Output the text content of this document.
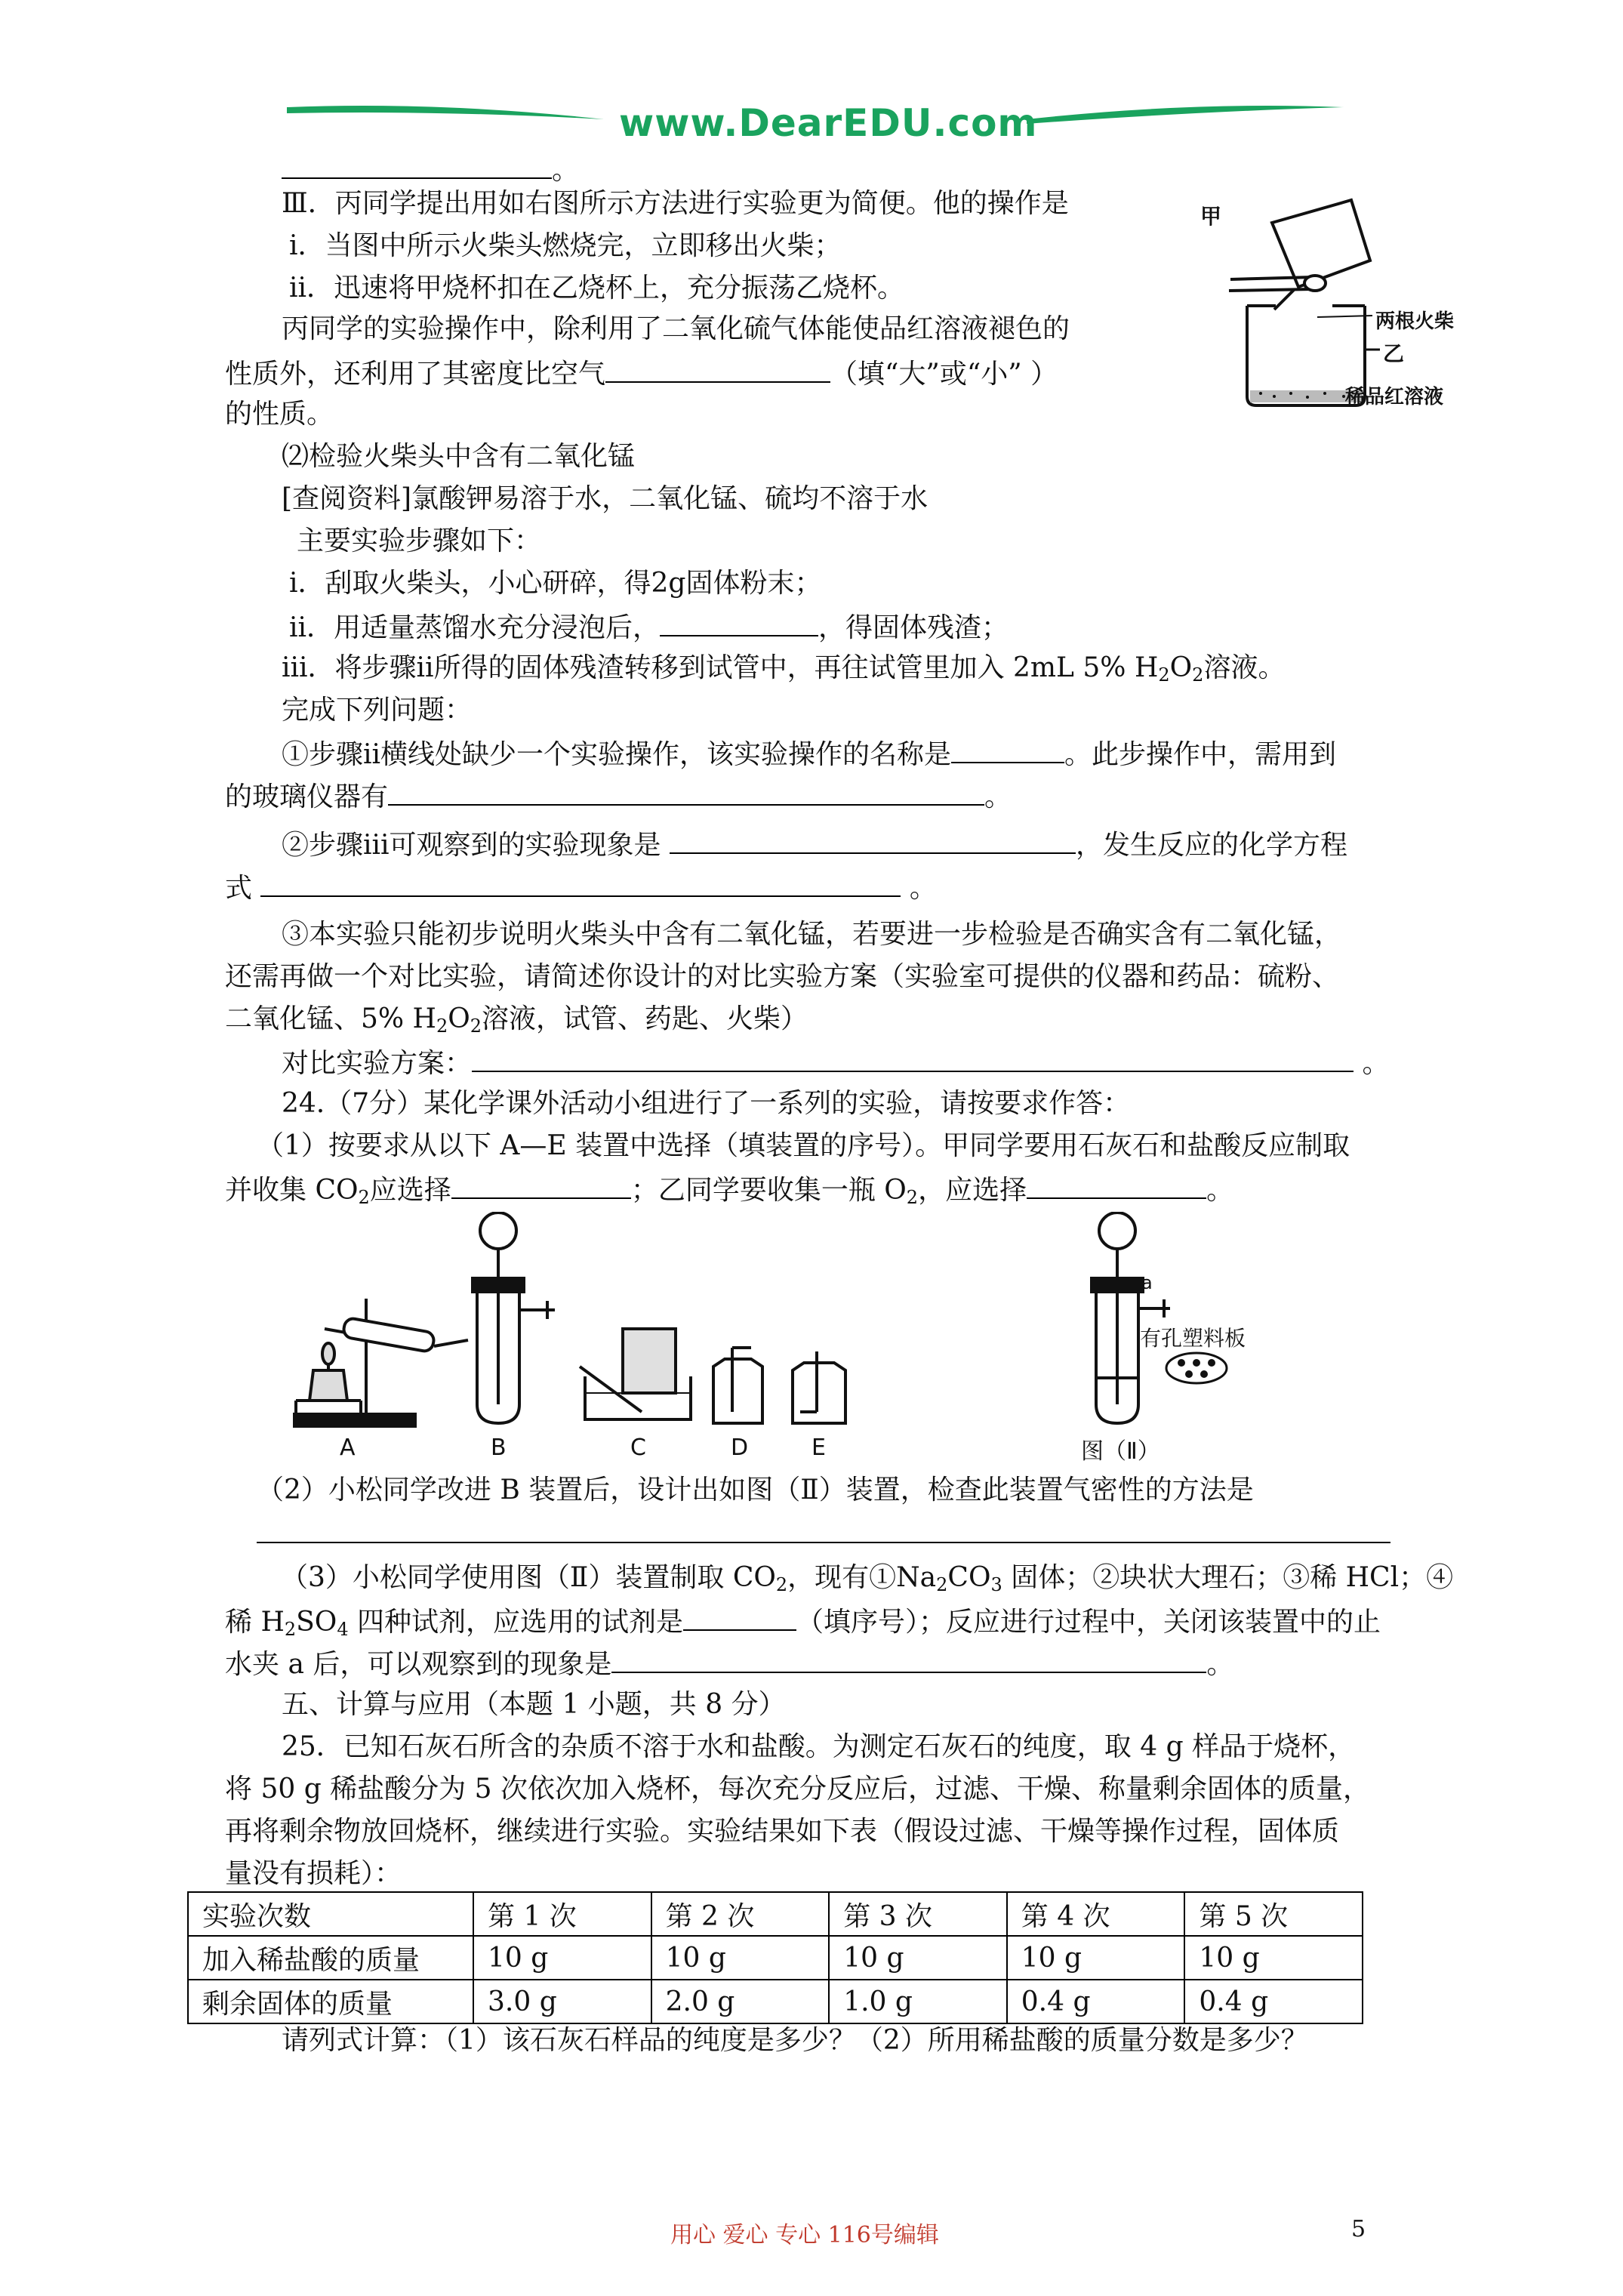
www.DearEDU.com
。
Ⅲ．丙同学提出用如右图所示方法进行实验更为简便。他的操作是
ⅰ．当图中所示火柴头燃烧完，立即移出火柴；
ⅱ．迅速将甲烧杯扣在乙烧杯上，充分振荡乙烧杯。
丙同学的实验操作中，除利用了二氧化硫气体能使品红溶液褪色的
性质外，还利用了其密度比空气	（填“大”或“小” ）
的性质。
⑵检验火柴头中含有二氧化锰
[查阅资料]氯酸钾易溶于水，二氧化锰、硫均不溶于水
主要实验步骤如下：
ⅰ．刮取火柴头，小心研碎，得2g固体粉末；
ⅱ．用适量蒸馏水充分浸泡后，	，得固体残渣；
ⅲ．将步骤ⅱ所得的固体残渣转移到试管中，再往试管里加入 2mL 5% $H_2O_2$溶液。
完成下列问题：
①步骤ⅱ横线处缺少一个实验操作，该实验操作的名称是	。此步操作中，需用到
的玻璃仪器有	。
②步骤ⅲ可观察到的实验现象是	，发生反应的化学方程
式	。
③本实验只能初步说明火柴头中含有二氧化锰，若要进一步检验是否确实含有二氧化锰，
还需再做一个对比实验，请简述你设计的对比实验方案（实验室可提供的仪器和药品：硫粉、
二氧化锰、5% $H_2O_2$溶液，试管、药匙、火柴）
对比实验方案：	。
24.（7分）某化学课外活动小组进行了一系列的实验，请按要求作答：
（1）按要求从以下 A—E 装置中选择（填装置的序号）。甲同学要用石灰石和盐酸反应制取
并收集 $CO_2$应选择	；乙同学要收集一瓶 $O_2$，应选择	。
（2）小松同学改进 B 装置后，设计出如图（Ⅱ）装置，检查此装置气密性的方法是
（3）小松同学使用图（Ⅱ）装置制取 $CO_2$，现有$①Na_2CO_3$ 固体；②块状大理石；③稀 HCl；④
稀 $H_2SO_4$ 四种试剂，应选用的试剂是	（填序号）；反应进行过程中，关闭该装置中的止
水夹 a 后，可以观察到的现象是	。
五、计算与应用（本题 1 小题，共 8 分）
25．已知石灰石所含的杂质不溶于水和盐酸。为测定石灰石的纯度，取 4 g 样品于烧杯，
将 50 g 稀盐酸分为 5 次依次加入烧杯，每次充分反应后，过滤、干燥、称量剩余固体的质量，
再将剩余物放回烧杯，继续进行实验。实验结果如下表（假设过滤、干燥等操作过程，固体质
量没有损耗）：
请列式计算：（1）该石灰石样品的纯度是多少？（2）所用稀盐酸的质量分数是多少？
甲
两根火柴
乙
稀品红溶液
A	B	C	D	E	图（Ⅱ）
a
有孔塑料板
实验次数	第 1 次	第 2 次	第 3 次	第 4 次	第 5 次
加入稀盐酸的质量	10 g	10 g	10 g	10 g	10 g
剩余固体的质量	3.0 g	2.0 g	1.0 g	0.4 g	0.4 g
用心 爱心 专心 116号编辑	5
